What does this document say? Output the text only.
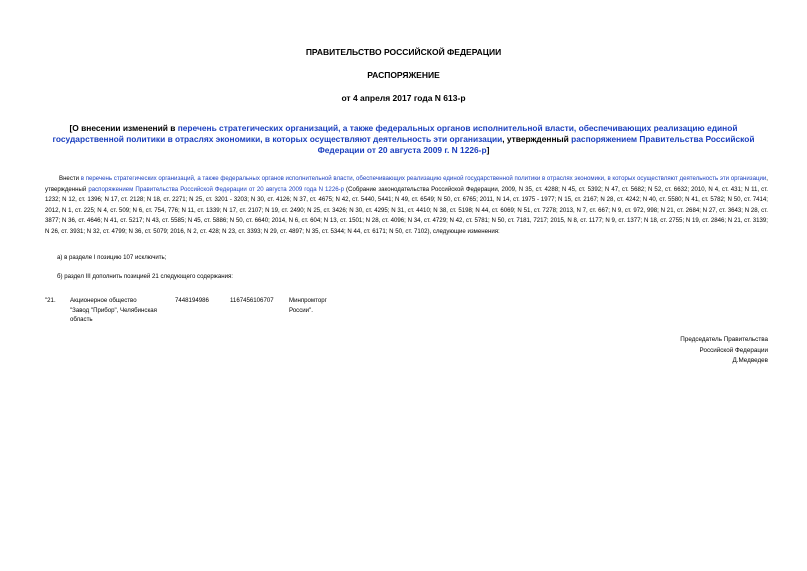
ПРАВИТЕЛЬСТВО РОССИЙСКОЙ ФЕДЕРАЦИИ
РАСПОРЯЖЕНИЕ
от 4 апреля 2017 года N 613-р
[О внесении изменений в перечень стратегических организаций, а также федеральных органов исполнительной власти, обеспечивающих реализацию единой государственной политики в отраслях экономики, в которых осуществляют деятельность эти организации, утвержденный распоряжением Правительства Российской Федерации от 20 августа 2009 г. N 1226-р]
Внести в перечень стратегических организаций, а также федеральных органов исполнительной власти, обеспечивающих реализацию единой государственной политики в отраслях экономики, в которых осуществляют деятельность эти организации, утвержденный распоряжением Правительства Российской Федерации от 20 августа 2009 года N 1226-р (Собрание законодательства Российской Федерации, 2009, N 35, ст. 4288; N 45, ст. 5392; N 47, ст. 5682; N 52, ст. 6632; 2010, N 4, ст. 431; N 11, ст. 1232; N 12, ст. 1396; N 17, ст. 2128; N 18, ст. 2271; N 25, ст. 3201 - 3203; N 30, ст. 4126; N 37, ст. 4675; N 42, ст. 5440, 5441; N 49, ст. 6549; N 50, ст. 6765; 2011, N 14, ст. 1975 - 1977; N 15, ст. 2167; N 28, ст. 4242; N 40, ст. 5580; N 41, ст. 5782; N 50, ст. 7414; 2012, N 1, ст. 225; N 4, ст. 509; N 6, ст. 754, 776; N 11, ст. 1339; N 17, ст. 2107; N 19, ст. 2490; N 25, ст. 3426; N 30, ст. 4295; N 31, ст. 4410; N 38, ст. 5198; N 44, ст. 6069; N 51, ст. 7278; 2013, N 7, ст. 667; N 9, ст. 972, 998; N 21, ст. 2684; N 27, ст. 3643; N 28, ст. 3877; N 36, ст. 4646; N 41, ст. 5217; N 43, ст. 5585; N 45, ст. 5886; N 50, ст. 6640; 2014, N 6, ст. 604; N 13, ст. 1501; N 28, ст. 4096; N 34, ст. 4729; N 42, ст. 5781; N 50, ст. 7181, 7217; 2015, N 8, ст. 1177; N 9, ст. 1377; N 18, ст. 2755; N 19, ст. 2846; N 21, ст. 3139; N 26, ст. 3931; N 32, ст. 4799; N 36, ст. 5079; 2016, N 2, ст. 428; N 23, ст. 3393; N 29, ст. 4897; N 35, ст. 5344; N 44, ст. 6171; N 50, ст. 7102), следующие изменения:
а) в разделе I позицию 107 исключить;
б) раздел III дополнить позицией 21 следующего содержания:
"21. Акционерное общество
"Завод "Прибор", Челябинская
область
7448194986	1167456106707	Минпромторг
России".
Председатель Правительства
Российской Федерации
Д.Медведев
